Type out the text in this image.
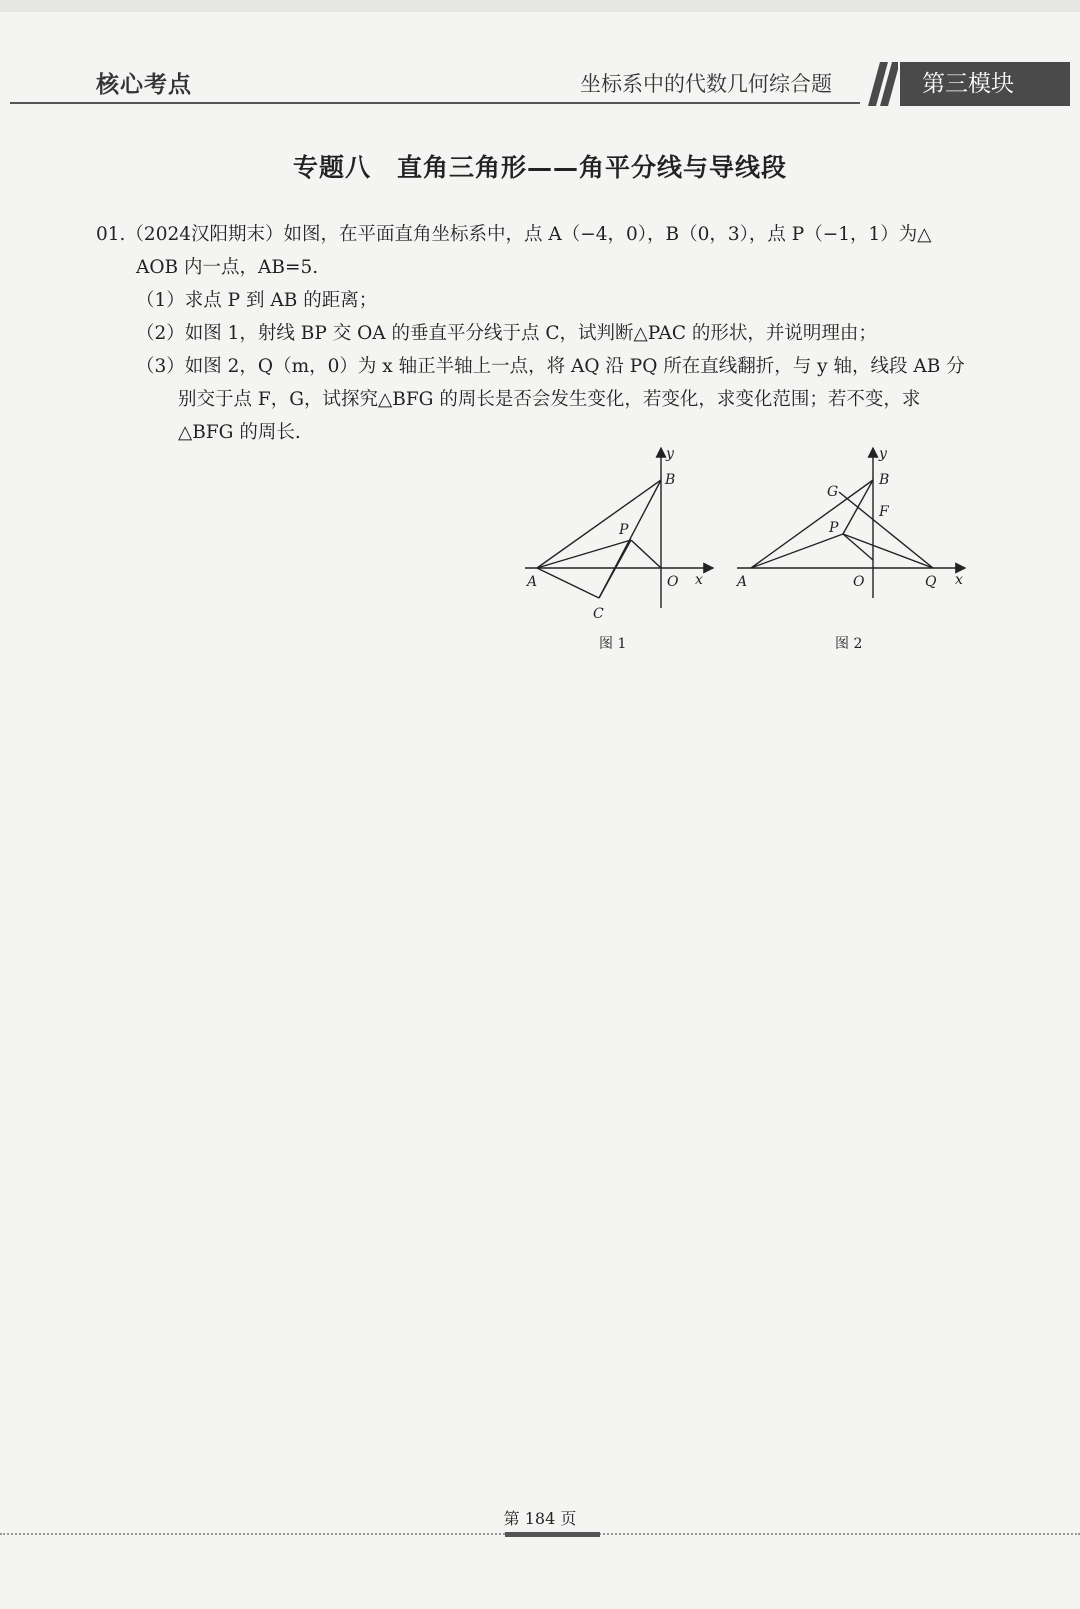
核心考点	坐标系中的代数几何综合题	第三模块
专题八　直角三角形——角平分线与导线段

01.（2024汉阳期末）如图，在平面直角坐标系中，点 A（−4，0），B（0，3），点 P（−1，1）为△

AOB 内一点，AB=5.

（1）求点 P 到 AB 的距离；

（2）如图 1，射线 BP 交 OA 的垂直平分线于点 C，试判断△PAC 的形状，并说明理由；

（3）如图 2，Q（m，0）为 x 轴正半轴上一点，将 AQ 沿 PQ 所在直线翻折，与 y 轴，线段 AB 分

别交于点 F，G，试探究△BFG 的周长是否会发生变化，若变化，求变化范围；若不变，求

△BFG 的周长.

y
B
P
A	O x
C
图 1
y
B
G
F
P
A	O	Q x
图 2
第 184 页
